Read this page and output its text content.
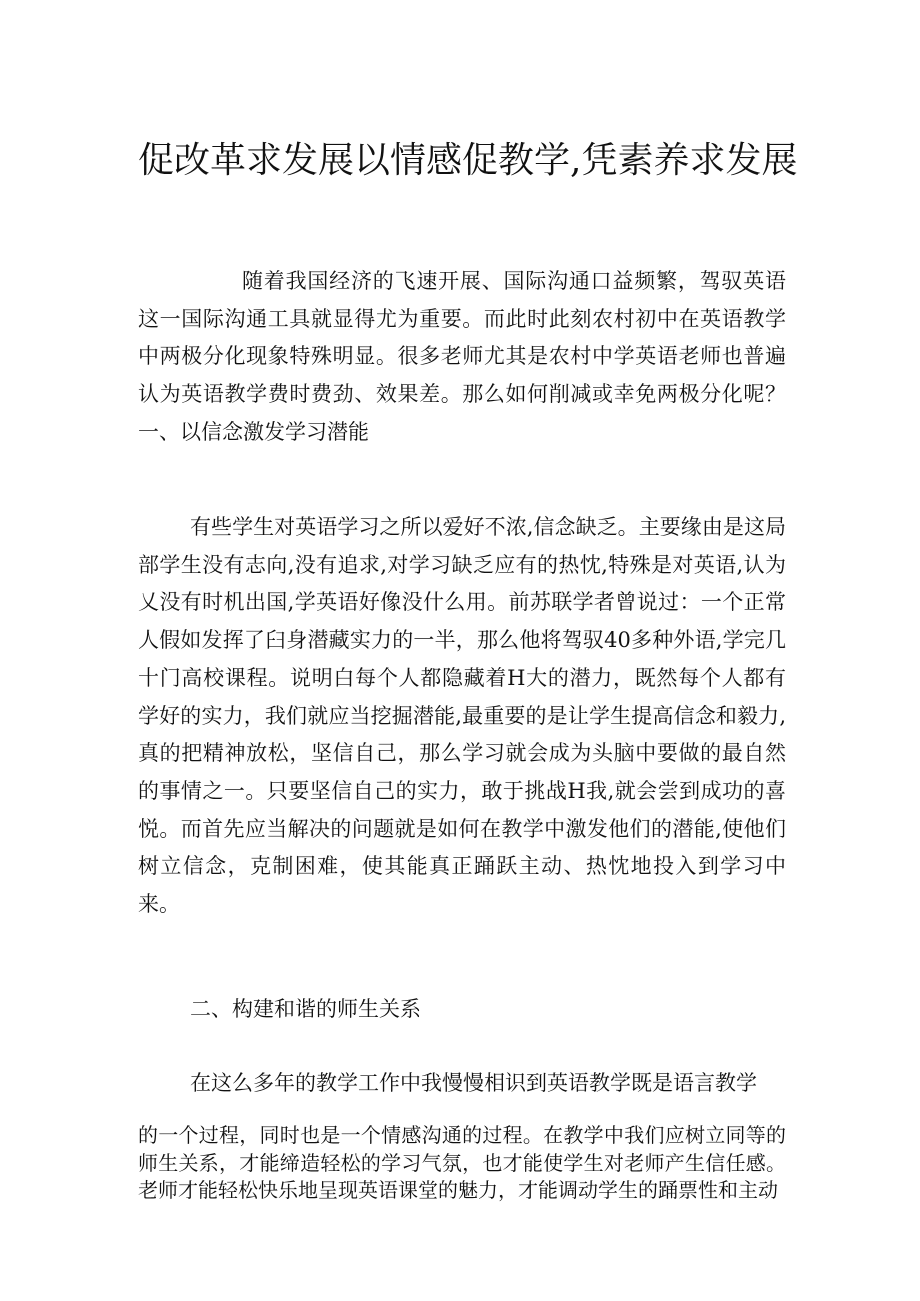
促改革求发展以情感促教学,凭素养求发展

随着我国经济的飞速开展、国际沟通口益频繁，驾驭英语这一国际沟通工具就显得尤为重要。而此时此刻农村初中在英语教学中两极分化现象特殊明显。很多老师尤其是农村中学英语老师也普遍认为英语教学费时费劲、效果差。那么如何削减或幸免两极分化呢？一、以信念激发学习潜能

有些学生对英语学习之所以爱好不浓,信念缺乏。主要缘由是这局部学生没有志向,没有追求,对学习缺乏应有的热忱,特殊是对英语,认为乂没有时机出国,学英语好像没什么用。前苏联学者曾说过：一个正常人假如发挥了臼身潜藏实力的一半，那么他将驾驭40多种外语,学完几十门高校课程。说明白每个人都隐藏着H大的潜力，既然每个人都有学好的实力，我们就应当挖掘潜能,最重要的是让学生提高信念和毅力,真的把精神放松，坚信自己，那么学习就会成为头脑中要做的最自然的事情之一。只要坚信自己的实力，敢于挑战H我,就会尝到成功的喜悦。而首先应当解决的问题就是如何在教学中激发他们的潜能,使他们树立信念，克制困难，使其能真正踊跃主动、热忱地投入到学习中来。

二、构建和谐的师生关系
在这么多年的教学工作中我慢慢相识到英语教学既是语言教学

的一个过程，同时也是一个情感沟通的过程。在教学中我们应树立同等的师生关系，才能缔造轻松的学习气氛，也才能使学生对老师产生信任感。老师才能轻松快乐地呈现英语课堂的魅力，才能调动学生的踊票性和主动
